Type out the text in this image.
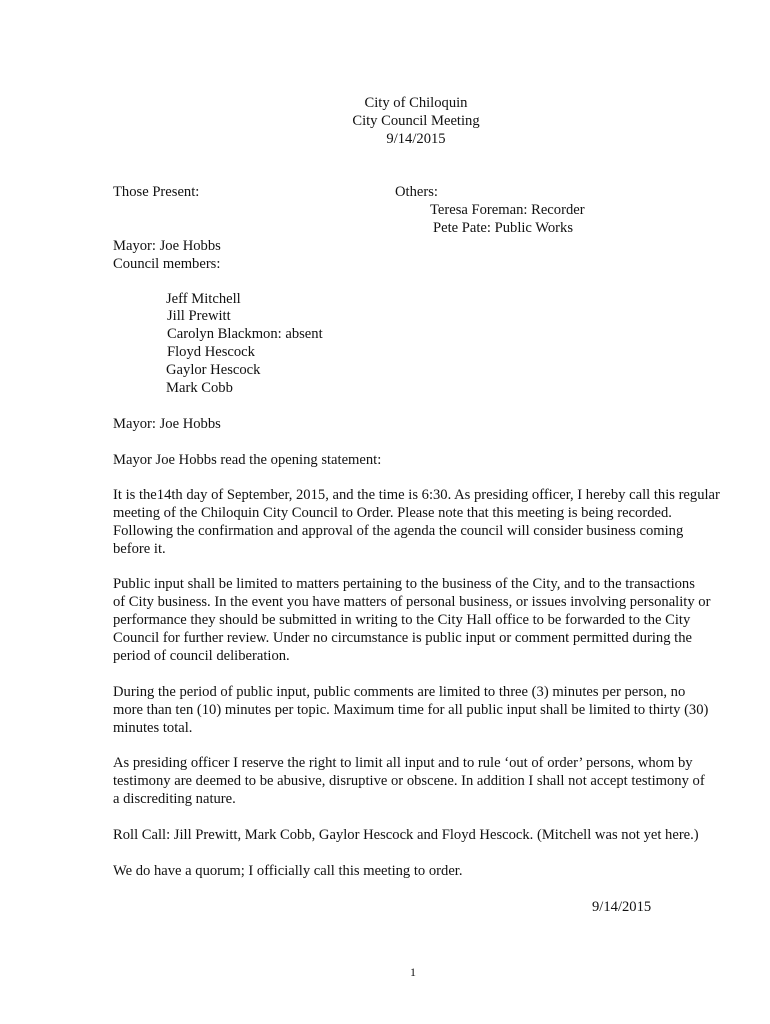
City of Chiloquin
City Council Meeting
9/14/2015
Those Present:	Others:
Teresa Foreman: Recorder
Pete Pate: Public Works
Mayor: Joe Hobbs
Council members:
Jeff Mitchell
Jill Prewitt
Carolyn Blackmon: absent
Floyd Hescock
Gaylor Hescock
Mark Cobb
Mayor: Joe Hobbs
Mayor Joe Hobbs read the opening statement:
It is the14th day of September, 2015, and the time is 6:30. As presiding officer, I hereby call this regular
meeting of the Chiloquin City Council to Order. Please note that this meeting is being recorded.
Following the confirmation and approval of the agenda the council will consider business coming
before it.
Public input shall be limited to matters pertaining to the business of the City, and to the transactions
of City business. In the event you have matters of personal business, or issues involving personality or
performance they should be submitted in writing to the City Hall office to be forwarded to the City
Council for further review. Under no circumstance is public input or comment permitted during the
period of council deliberation.
During the period of public input, public comments are limited to three (3) minutes per person, no
more than ten (10) minutes per topic. Maximum time for all public input shall be limited to thirty (30)
minutes total.
As presiding officer I reserve the right to limit all input and to rule ‘out of order’ persons, whom by
testimony are deemed to be abusive, disruptive or obscene. In addition I shall not accept testimony of
a discrediting nature.
Roll Call: Jill Prewitt, Mark Cobb, Gaylor Hescock and Floyd Hescock. (Mitchell was not yet here.)
We do have a quorum; I officially call this meeting to order.
9/14/2015
1
